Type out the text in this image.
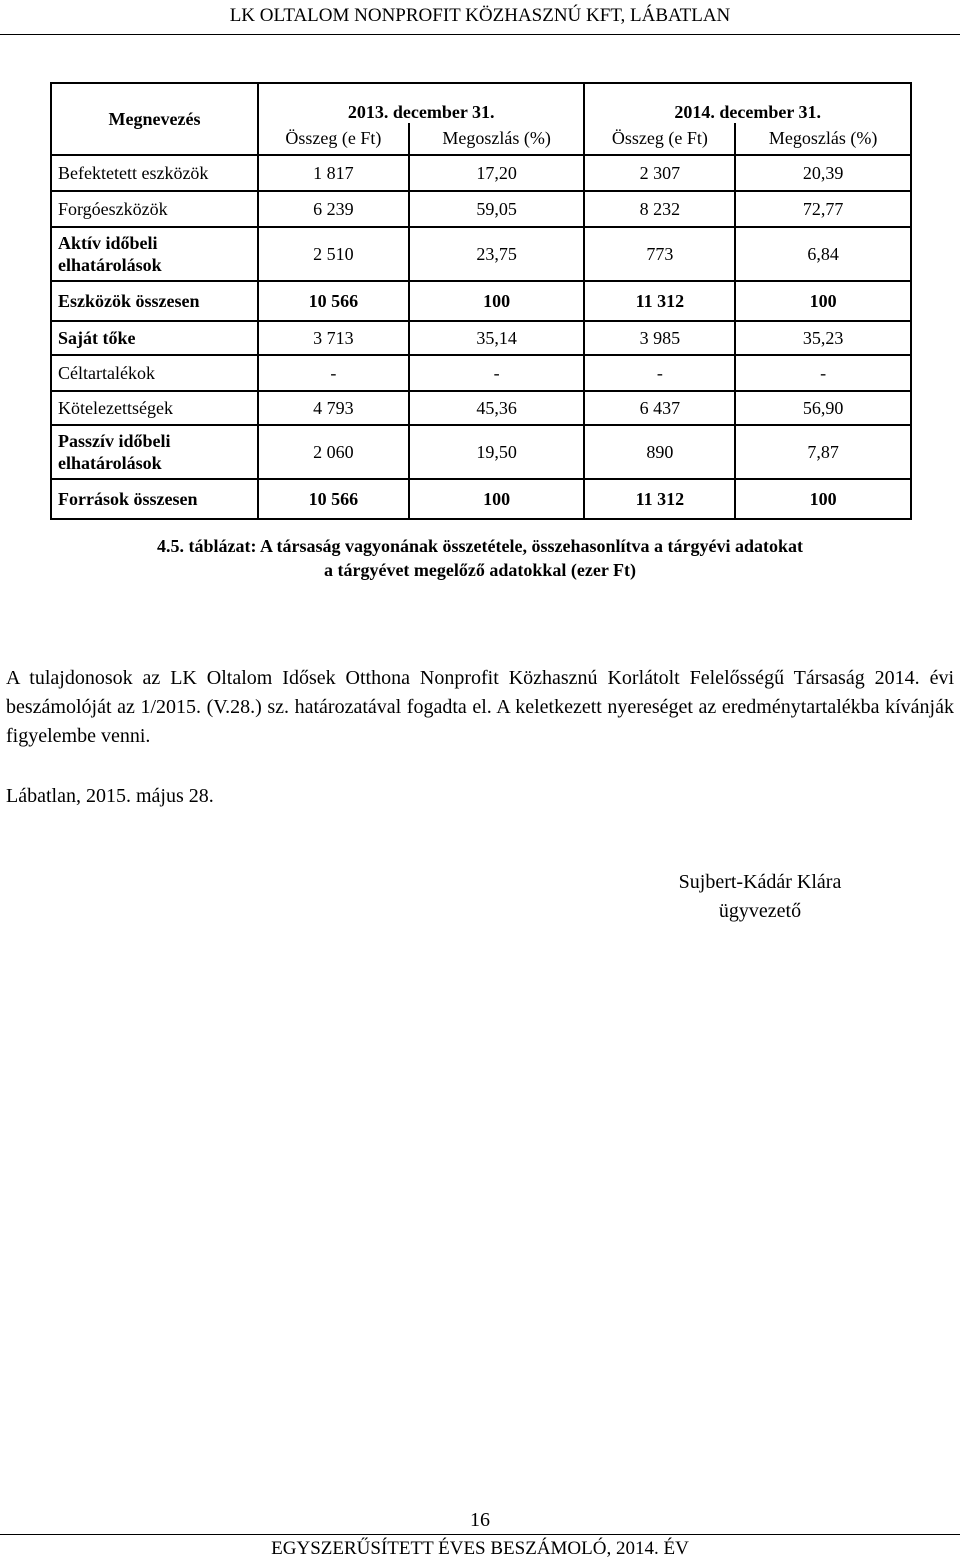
LK OLTALOM NONPROFIT KÖZHASZNÚ KFT, LÁBATLAN
Megnevezés	2013. december 31.		2014. december 31.	
	Összeg (e Ft)	Megoszlás (%)	Összeg (e Ft)	Megoszlás (%)
Befektetett eszközök	1 817	17,20	2 307	20,39
Forgóeszközök	6 239	59,05	8 232	72,77
Aktív időbeli elhatárolások	2 510	23,75	773	6,84
Eszközök összesen	10 566	100	11 312	100
Saját tőke	3 713	35,14	3 985	35,23
Céltartalékok	-	-	-	-
Kötelezettségek	4 793	45,36	6 437	56,90
Passzív időbeli elhatárolások	2 060	19,50	890	7,87
Források összesen	10 566	100	11 312	100
4.5. táblázat: A társaság vagyonának összetétele, összehasonlítva a tárgyévi adatokat
a tárgyévet megelőző adatokkal (ezer Ft)
A tulajdonosok az LK Oltalom Idősek Otthona Nonprofit Közhasznú Korlátolt Felelősségű Társaság 2014. évi beszámolóját az 1/2015. (V.28.) sz. határozatával fogadta el. A keletkezett nyereséget az eredménytartalékba kívánják figyelembe venni.
Lábatlan, 2015. május 28.
Sujbert-Kádár Klára
ügyvezető
16
EGYSZERŰSÍTETT ÉVES BESZÁMOLÓ, 2014. ÉV
